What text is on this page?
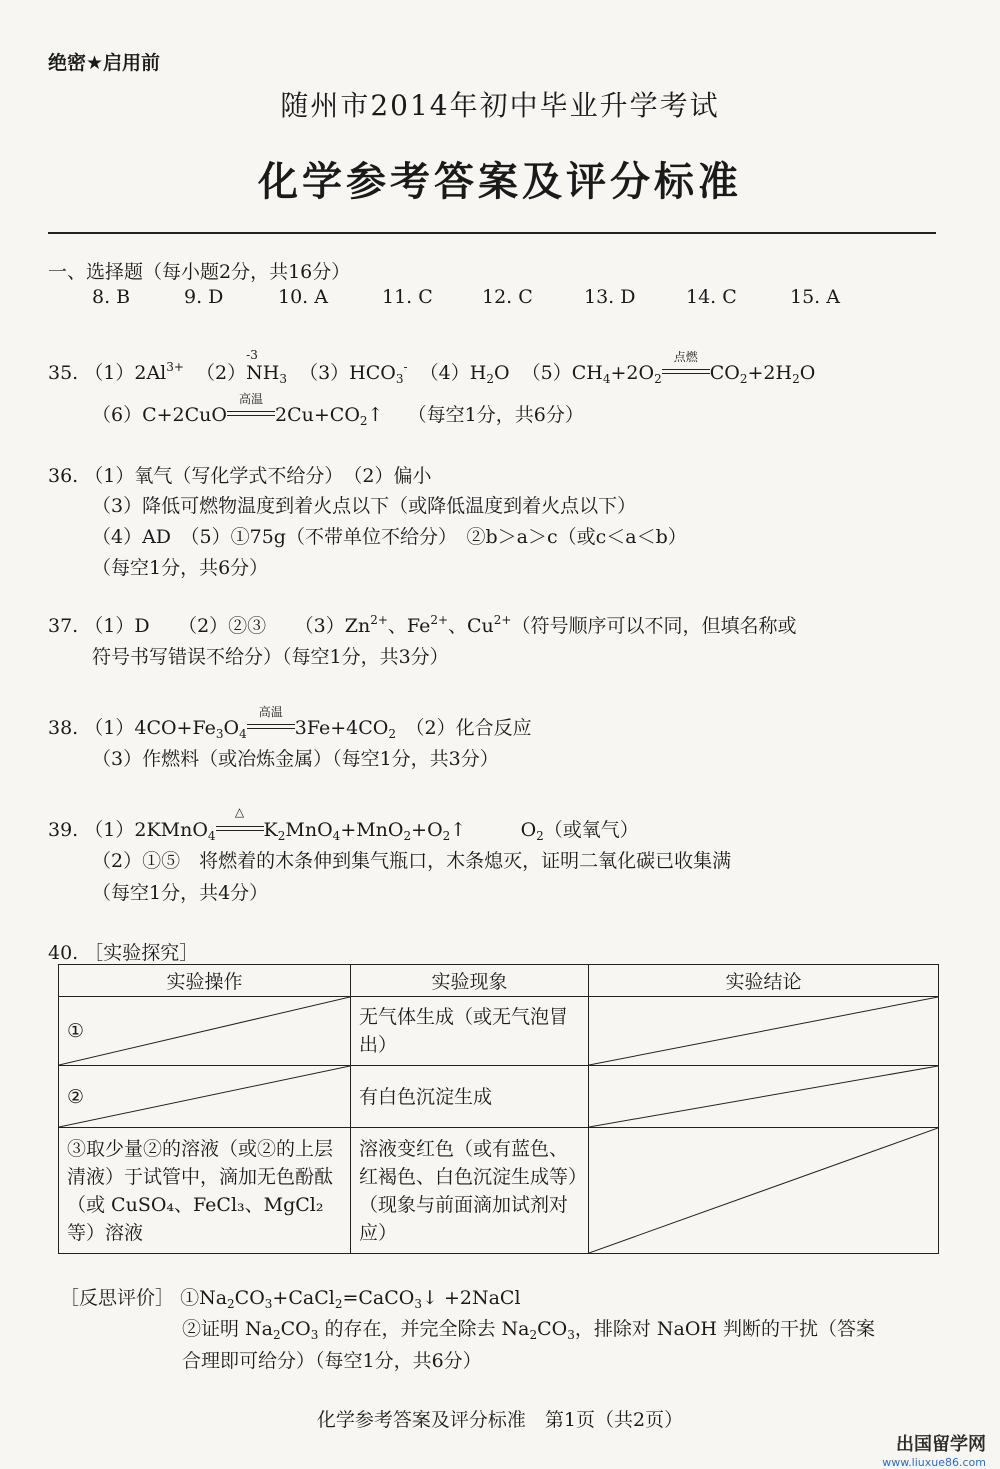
绝密★启用前
随州市2014年初中毕业升学考试
化学参考答案及评分标准
一、选择题（每小题2分，共16分）
8. B	9. D	10. A	11. C	12. C	13. D	14. C	15. A
35. $(1)2Al^{3+}$ （2）
-3
$NH_3$ $(3)HCO_3^-$ $(4)H_2O$ $(5)CH_4+2O_2$
点燃
$CO_2+2H_2O$
（6）C+2CuO
高温
$2Cu+CO_2↑$ （每空1分，共6分）
36. （1）氧气（写化学式不给分）　（2）偏小
（3）降低可燃物温度到着火点以下（或降低温度到着火点以下）
（4）AD　（5）①75g（不带单位不给分）　②b＞a＞c（或c＜a＜b）
（每空1分，共6分）
37. （1）D　　（2）②③　　$(3)Zn^{2+}$、$Fe^{2+}$、$Cu^{2+}$（符号顺序可以不同，但填名称或
符号书写错误不给分）（每空1分，共3分）
38. $(1)4CO+Fe_3O_4$
高温
$3Fe+4CO_2$　（2）化合反应
（3）作燃料（或冶炼金属）（每空1分，共3分）
39. （1）2KMnO$_4$
△
$K_2MnO_4+MnO_2+O_2↑$	$O_2$（或氧气）
（2）①⑤　将燃着的木条伸到集气瓶口，木条熄灭，证明二氧化碳已收集满
（每空1分，共4分）
40. ［实验探究］
实验操作	实验现象	实验结论

①	无气体生成（或无气泡冒出）

②	有白色沉淀生成

③取少量②的溶液（或②的上层清液）于试管中，滴加无色酚酞（或 CuSO₄、FeCl₃、MgCl₂ 等）溶液	溶液变红色（或有蓝色、红褐色、白色沉淀生成等）（现象与前面滴加试剂对应）

［反思评价］ $①Na_2CO_3+CaCl_2=CaCO_3↓$ +2NaCl
②证明 $Na_2CO_3$ 的存在，并完全除去 $Na_2CO_3$，排除对 NaOH 判断的干扰（答案
合理即可给分）（每空1分，共6分）
化学参考答案及评分标准　第1页（共2页）
出国留学网
www.liuxue86.com
